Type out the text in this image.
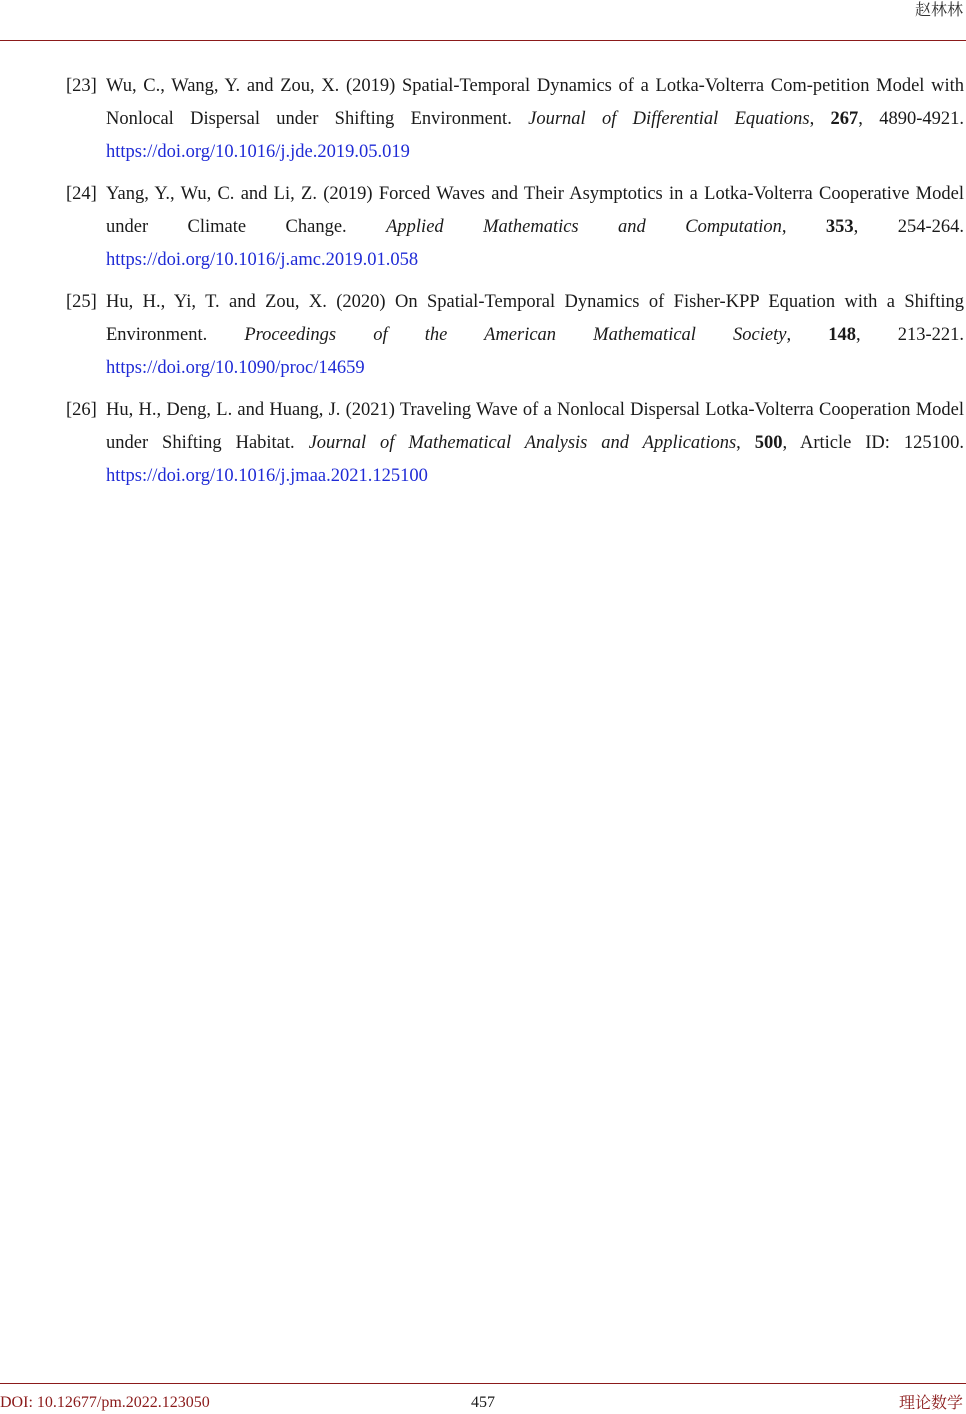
赵林林
[23] Wu, C., Wang, Y. and Zou, X. (2019) Spatial-Temporal Dynamics of a Lotka-Volterra Com-petition Model with Nonlocal Dispersal under Shifting Environment. Journal of Differential Equations, 267, 4890-4921. https://doi.org/10.1016/j.jde.2019.05.019
[24] Yang, Y., Wu, C. and Li, Z. (2019) Forced Waves and Their Asymptotics in a Lotka-Volterra Cooperative Model under Climate Change. Applied Mathematics and Computation, 353, 254-264. https://doi.org/10.1016/j.amc.2019.01.058
[25] Hu, H., Yi, T. and Zou, X. (2020) On Spatial-Temporal Dynamics of Fisher-KPP Equation with a Shifting Environment. Proceedings of the American Mathematical Society, 148, 213-221. https://doi.org/10.1090/proc/14659
[26] Hu, H., Deng, L. and Huang, J. (2021) Traveling Wave of a Nonlocal Dispersal Lotka-Volterra Cooperation Model under Shifting Habitat. Journal of Mathematical Analysis and Applications, 500, Article ID: 125100. https://doi.org/10.1016/j.jmaa.2021.125100
DOI: 10.12677/pm.2022.123050	457	理论数学
